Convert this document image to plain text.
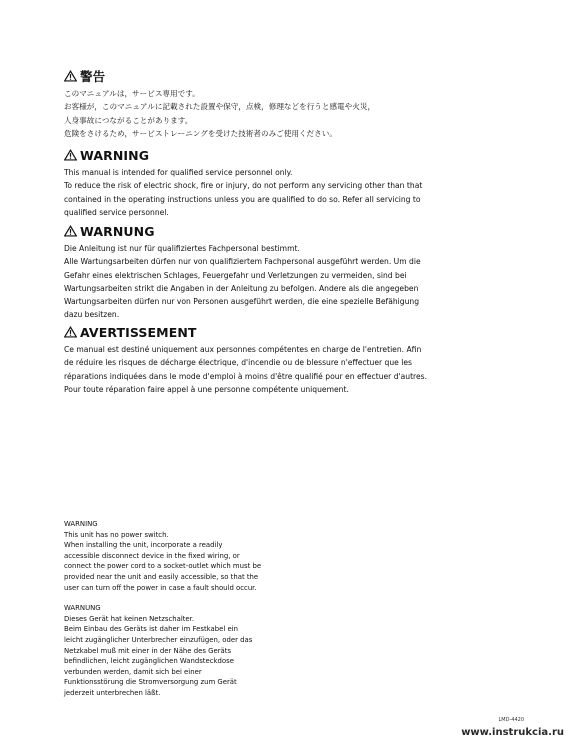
警告
このマニュアルは，サービス専用です。
お客様が，このマニュアルに記載された設置や保守，点検，修理などを行うと感電や火災，
人身事故につながることがあります。
危険をさけるため，サービストレーニングを受けた技術者のみご使用ください。
WARNING
This manual is intended for qualified service personnel only.
To reduce the risk of electric shock, fire or injury, do not perform any servicing other than that
contained in the operating instructions unless you are qualified to do so. Refer all servicing to
qualified service personnel.
WARNUNG
Die Anleitung ist nur für qualifiziertes Fachpersonal bestimmt.
Alle Wartungsarbeiten dürfen nur von qualifiziertem Fachpersonal ausgeführt werden. Um die
Gefahr eines elektrischen Schlages, Feuergefahr und Verletzungen zu vermeiden, sind bei
Wartungsarbeiten strikt die Angaben in der Anleitung zu befolgen. Andere als die angegeben
Wartungsarbeiten dürfen nur von Personen ausgeführt werden, die eine spezielle Befähigung
dazu besitzen.
AVERTISSEMENT
Ce manual est destiné uniquement aux personnes compétentes en charge de l'entretien. Afin
de réduire les risques de décharge électrique, d'incendie ou de blessure n'effectuer que les
réparations indiquées dans le mode d'emploi à moins d'être qualifié pour en effectuer d'autres.
Pour toute réparation faire appel à une personne compétente uniquement.
WARNING
This unit has no power switch.
When installing the unit, incorporate a readily
accessible disconnect device in the fixed wiring, or
connect the power cord to a socket-outlet which must be
provided near the unit and easily accessible, so that the
user can turn off the power in case a fault should occur.
WARNUNG
Dieses Gerät hat keinen Netzschalter.
Beim Einbau des Geräts ist daher im Festkabel ein
leicht zugänglicher Unterbrecher einzufügen, oder das
Netzkabel muß mit einer in der Nähe des Geräts
befindlichen, leicht zugänglichen Wandsteckdose
verbunden werden, damit sich bei einer
Funktionsstörung die Stromversorgung zum Gerät
jederzeit unterbrechen läßt.
LMD-4420
www.instrukcia.ru
